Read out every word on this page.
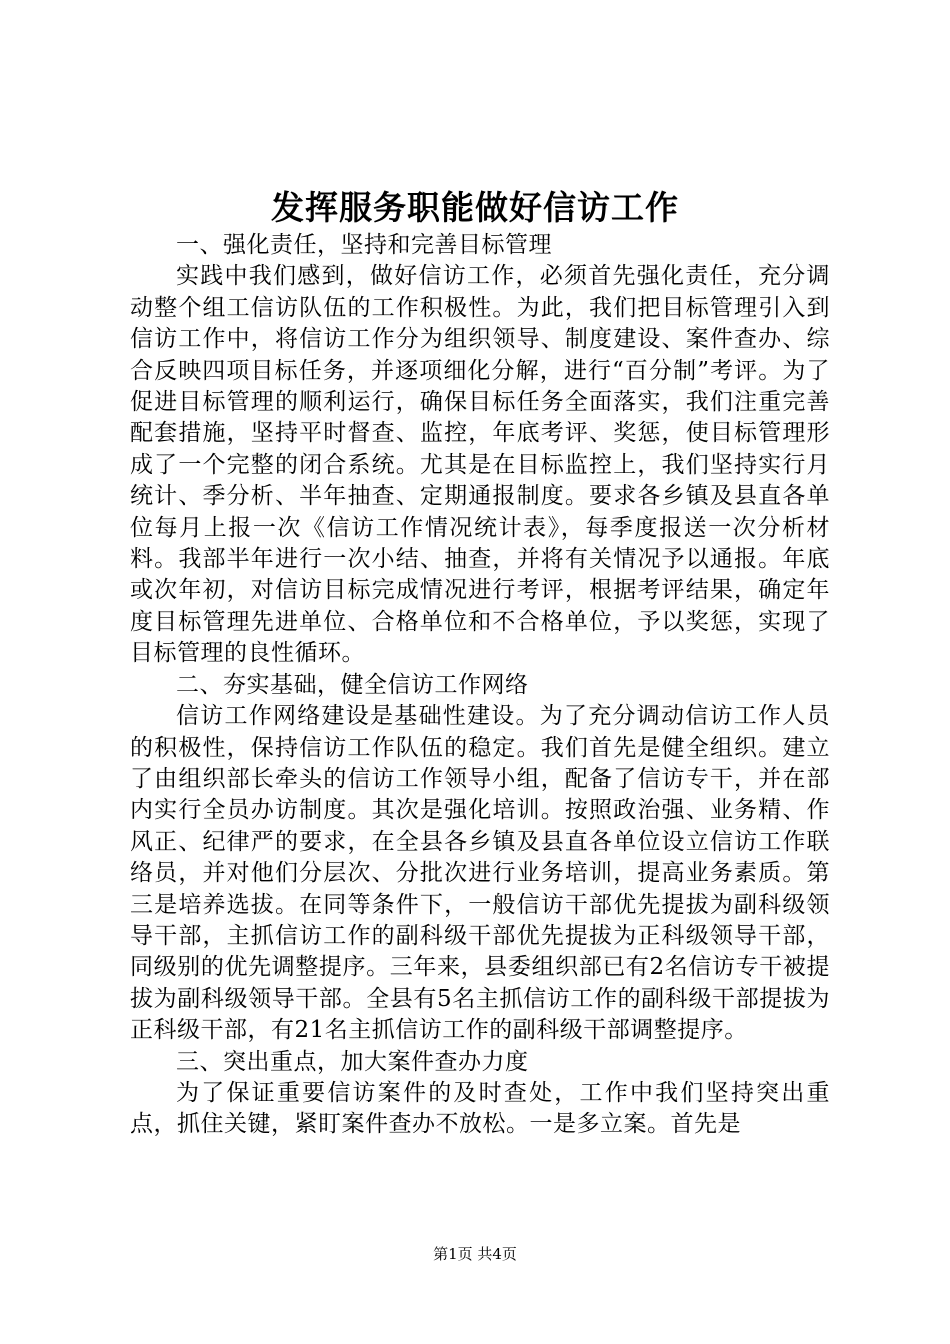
发挥服务职能做好信访工作

一、强化责任，坚持和完善目标管理

实践中我们感到，做好信访工作，必须首先强化责任，充分调动整个组工信访队伍的工作积极性。为此，我们把目标管理引入到信访工作中，将信访工作分为组织领导、制度建设、案件查办、综合反映四项目标任务，并逐项细化分解，进行“百分制”考评。为了促进目标管理的顺利运行，确保目标任务全面落实，我们注重完善配套措施，坚持平时督查、监控，年底考评、奖惩，使目标管理形成了一个完整的闭合系统。尤其是在目标监控上，我们坚持实行月统计、季分析、半年抽查、定期通报制度。要求各乡镇及县直各单位每月上报一次《信访工作情况统计表》，每季度报送一次分析材料。我部半年进行一次小结、抽查，并将有关情况予以通报。年底或次年初，对信访目标完成情况进行考评，根据考评结果，确定年度目标管理先进单位、合格单位和不合格单位，予以奖惩，实现了目标管理的良性循环。

二、夯实基础，健全信访工作网络

信访工作网络建设是基础性建设。为了充分调动信访工作人员的积极性，保持信访工作队伍的稳定。我们首先是健全组织。建立了由组织部长牵头的信访工作领导小组，配备了信访专干，并在部内实行全员办访制度。其次是强化培训。按照政治强、业务精、作风正、纪律严的要求，在全县各乡镇及县直各单位设立信访工作联络员，并对他们分层次、分批次进行业务培训，提高业务素质。第三是培养选拔。在同等条件下，一般信访干部优先提拔为副科级领导干部，主抓信访工作的副科级干部优先提拔为正科级领导干部，同级别的优先调整提序。三年来，县委组织部已有2名信访专干被提拔为副科级领导干部。全县有5名主抓信访工作的副科级干部提拔为正科级干部，有21名主抓信访工作的副科级干部调整提序。

三、突出重点，加大案件查办力度

为了保证重要信访案件的及时查处，工作中我们坚持突出重点，抓住关键，紧盯案件查办不放松。一是多立案。首先是

第1页 共4页
